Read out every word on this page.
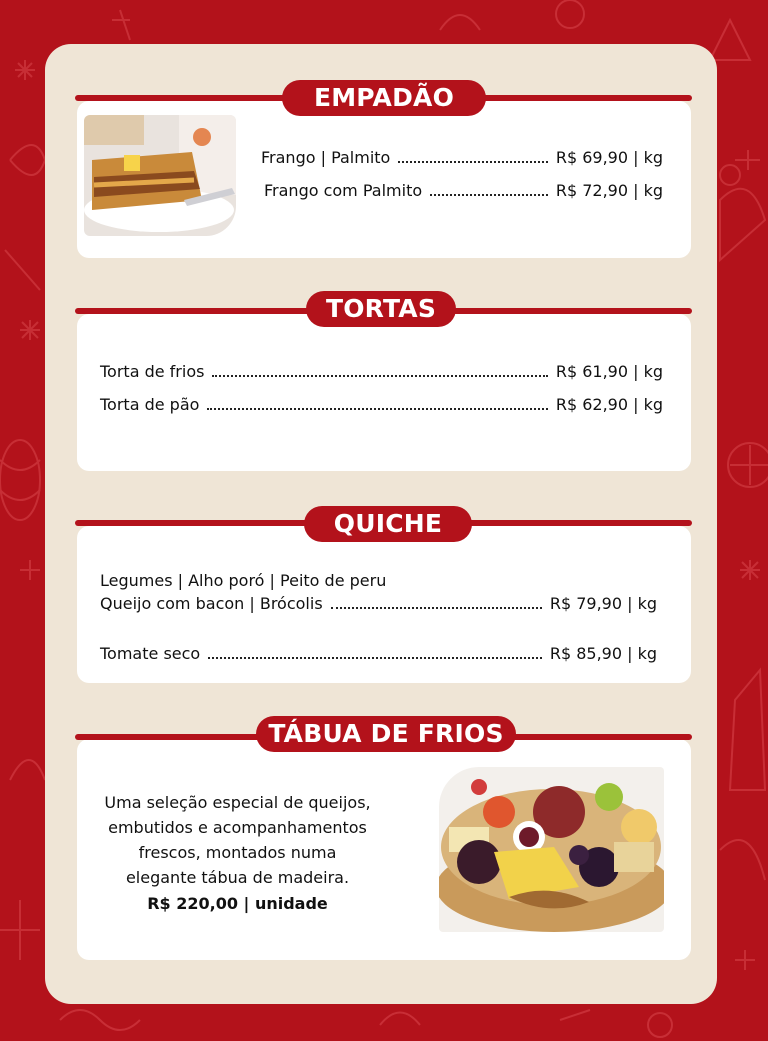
EMPADÃO
Frango | Palmito	R$ 69,90 | kg
Frango com Palmito	R$ 72,90 | kg
TORTAS
Torta de frios	R$ 61,90 | kg
Torta de pão	R$ 62,90 | kg
QUICHE
Legumes | Alho poró | Peito de peru
Queijo com bacon | Brócolis	R$ 79,90 | kg
Tomate seco	R$ 85,90 | kg
TÁBUA DE FRIOS
Uma seleção especial de queijos,
embutidos e acompanhamentos
frescos, montados numa
elegante tábua de madeira.
R$ 220,00 | unidade
